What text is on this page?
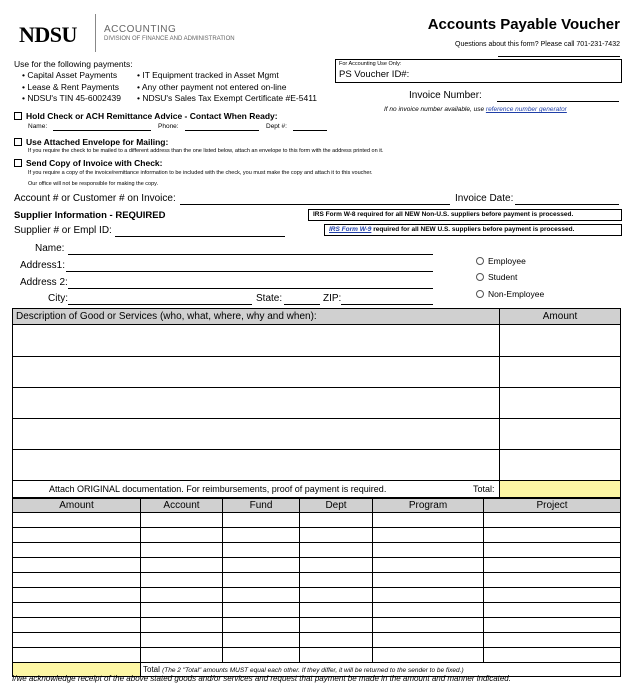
NDSU	ACCOUNTING
DIVISION OF FINANCE AND ADMINISTRATION
Accounts Payable Voucher
Questions about this form? Please call 701-231-7432
Use for the following payments:
• Capital Asset Payments
• Lease & Rent Payments
• NDSU's TIN 45-6002439
• IT Equipment tracked in Asset Mgmt
• Any other payment not entered on-line
• NDSU's Sales Tax Exempt Certificate #E-5411
For Accounting Use Only:
PS Voucher ID#:
Invoice Number:
If no invoice number available, use reference number generator
Hold Check or ACH Remittance Advice - Contact When Ready:
Name:	Phone:	Dept #:
Use Attached Envelope for Mailing:
If you require the check to be mailed to a different address than the one listed below, attach an envelope to this form with the address printed on it.
Send Copy of Invoice with Check:
If you require a copy of the invoice/remittance information to be included with the check, you must make the copy and attach it to this voucher.
Our office will not be responsible for making the copy.
Account # or Customer # on Invoice:	Invoice Date:
Supplier Information - REQUIRED	IRS Form W-8 required for all NEW Non-U.S. suppliers before payment is processed.
IRS Form W-9 required for all NEW U.S. suppliers before payment is processed.
Supplier # or Empl ID:
Name:
Address1:
Address 2:
City:	State:	ZIP:
Employee
Student
Non-Employee
Description of Good or Services (who, what, where, why and when):	Amount

Attach ORIGINAL documentation. For reimbursements, proof of payment is required. Total:	

Amount	Account	Fund	Dept	Program	Project

	Total (The 2 "Total" amounts MUST equal each other. If they differ, it will be returned to the sender to be fixed.)				
I/we acknowledge receipt of the above stated goods and/or services and request that payment be made in the amount and manner indicated.
